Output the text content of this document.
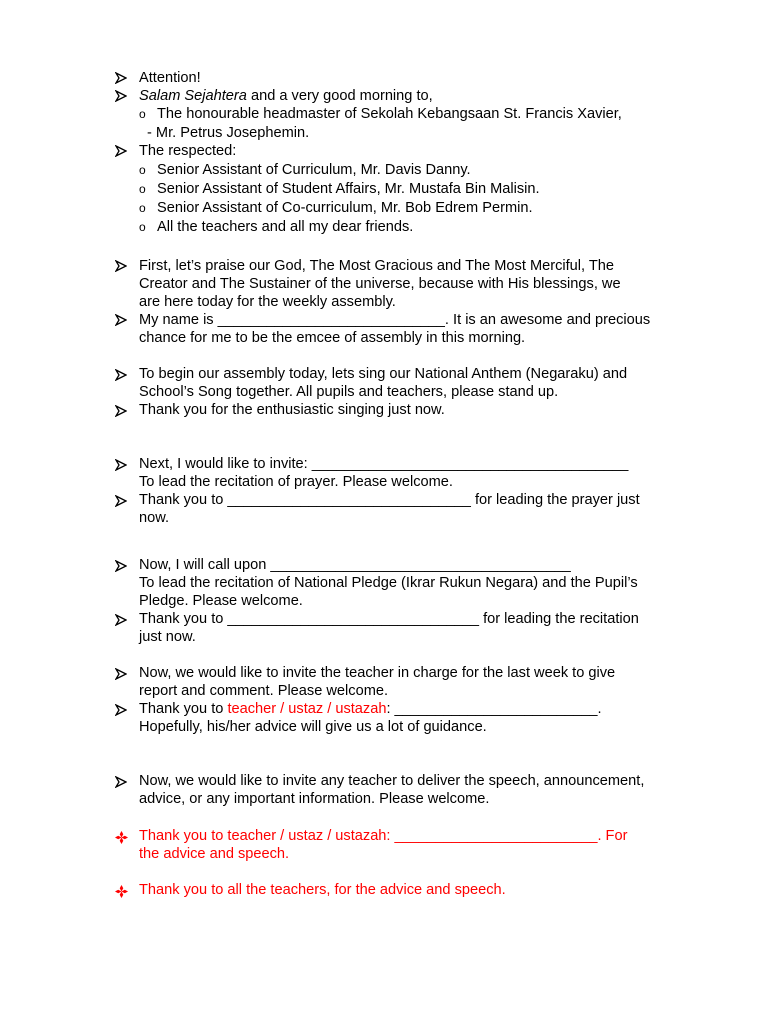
Attention!
Salam Sejahtera and a very good morning to,
o The honourable headmaster of Sekolah Kebangsaan St. Francis Xavier,
- Mr. Petrus Josephemin.
The respected:
o Senior Assistant of Curriculum, Mr. Davis Danny.
o Senior Assistant of Student Affairs, Mr. Mustafa Bin Malisin.
o Senior Assistant of Co-curriculum, Mr. Bob Edrem Permin.
o All the teachers and all my dear friends.
First, let’s praise our God, The Most Gracious and The Most Merciful, The
Creator and The Sustainer of the universe, because with His blessings, we
are here today for the weekly assembly.
My name is ____________________________. It is an awesome and precious
chance for me to be the emcee of assembly in this morning.
To begin our assembly today, lets sing our National Anthem (Negaraku) and
School’s Song together. All pupils and teachers, please stand up.
Thank you for the enthusiastic singing just now.
Next, I would like to invite: _______________________________________
To lead the recitation of prayer. Please welcome.
Thank you to ______________________________ for leading the prayer just
now.
Now, I will call upon _____________________________________
To lead the recitation of National Pledge (Ikrar Rukun Negara) and the Pupil’s
Pledge. Please welcome.
Thank you to _______________________________ for leading the recitation
just now.
Now, we would like to invite the teacher in charge for the last week to give
report and comment. Please welcome.
Thank you to teacher / ustaz / ustazah: _________________________.
Hopefully, his/her advice will give us a lot of guidance.
Now, we would like to invite any teacher to deliver the speech, announcement,
advice, or any important information. Please welcome.
Thank you to teacher / ustaz / ustazah: _________________________. For
the advice and speech.
Thank you to all the teachers, for the advice and speech.
